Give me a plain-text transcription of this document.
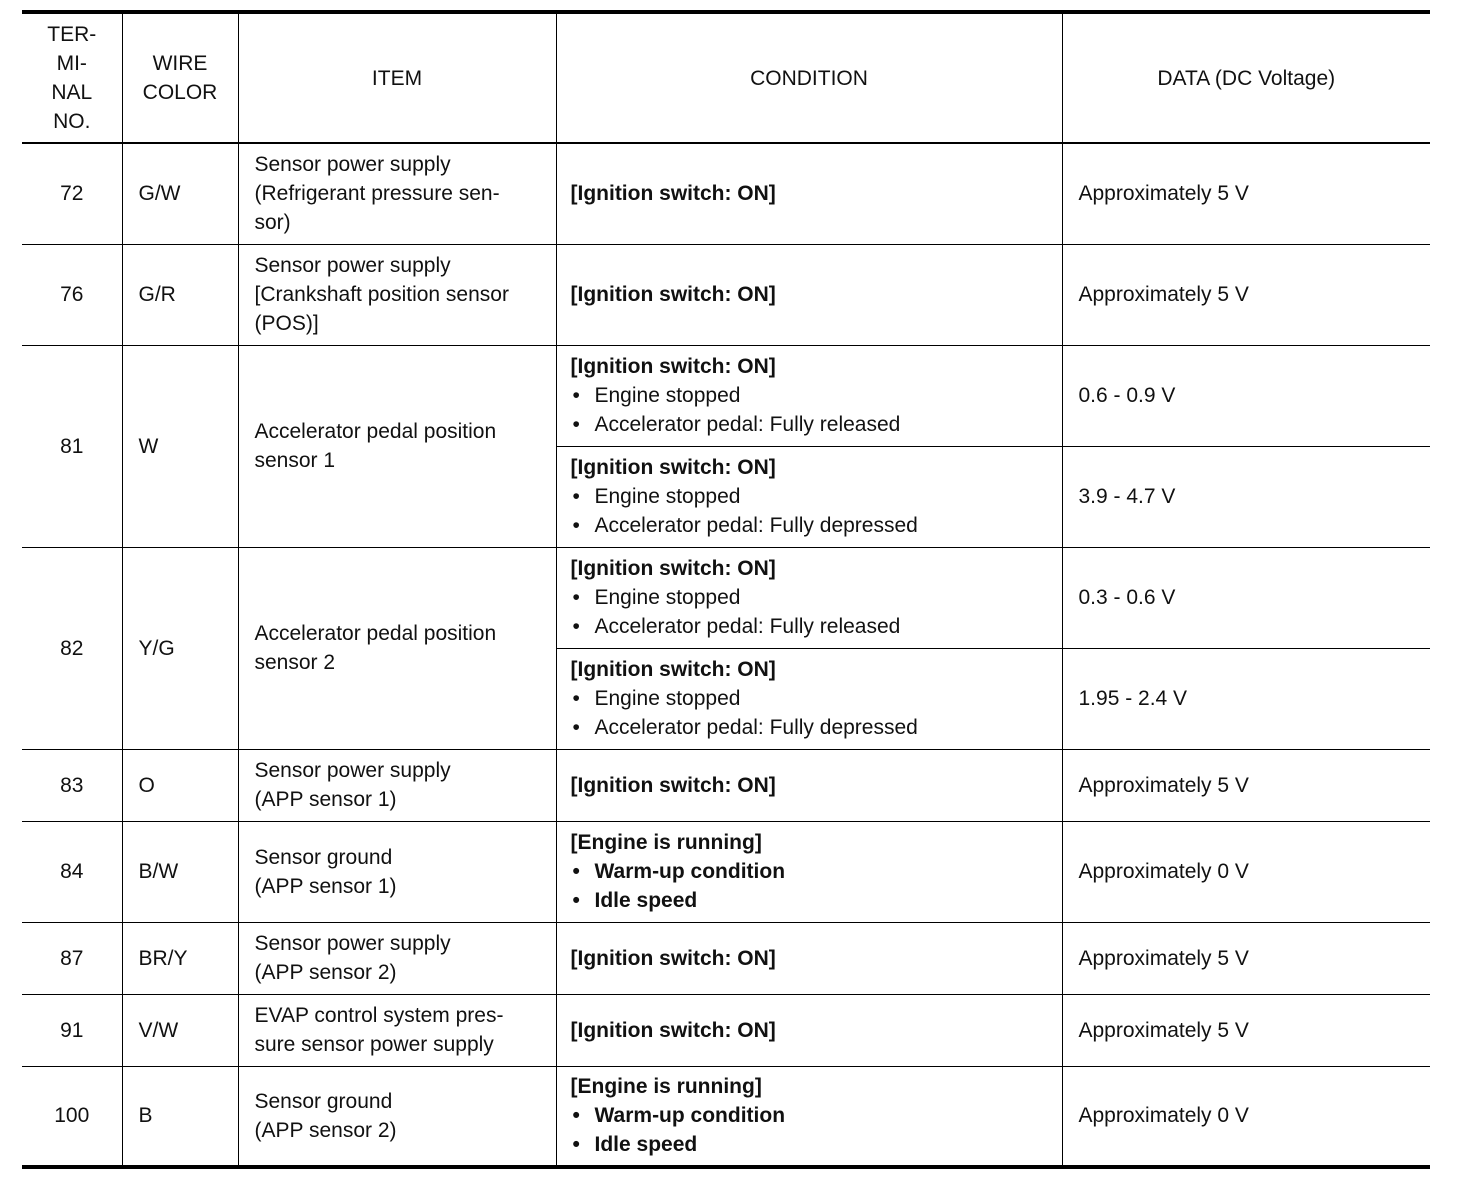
TER-
MI-
NAL
NO.	WIRE
COLOR	ITEM	CONDITION	DATA (DC Voltage)
72	G/W	Sensor power supply
(Refrigerant pressure sen-
sor)	[Ignition switch: ON]	Approximately 5 V
76	G/R	Sensor power supply
[Crankshaft position sensor
(POS)]	[Ignition switch: ON]	Approximately 5 V
81	W	Accelerator pedal position
sensor 1	[Ignition switch: ON]
• Engine stopped
• Accelerator pedal: Fully released	0.6 - 0.9 V

			[Ignition switch: ON]
• Engine stopped
• Accelerator pedal: Fully depressed	3.9 - 4.7 V
82	Y/G	Accelerator pedal position
sensor 2	[Ignition switch: ON]
• Engine stopped
• Accelerator pedal: Fully released	0.3 - 0.6 V

			[Ignition switch: ON]
• Engine stopped
• Accelerator pedal: Fully depressed	1.95 - 2.4 V
83	O	Sensor power supply
(APP sensor 1)	[Ignition switch: ON]	Approximately 5 V
84	B/W	Sensor ground
(APP sensor 1)	[Engine is running]
• Warm-up condition
• Idle speed	Approximately 0 V
87	BR/Y	Sensor power supply
(APP sensor 2)	[Ignition switch: ON]	Approximately 5 V
91	V/W	EVAP control system pres-
sure sensor power supply	[Ignition switch: ON]	Approximately 5 V
100	B	Sensor ground
(APP sensor 2)	[Engine is running]
• Warm-up condition
• Idle speed	Approximately 0 V
